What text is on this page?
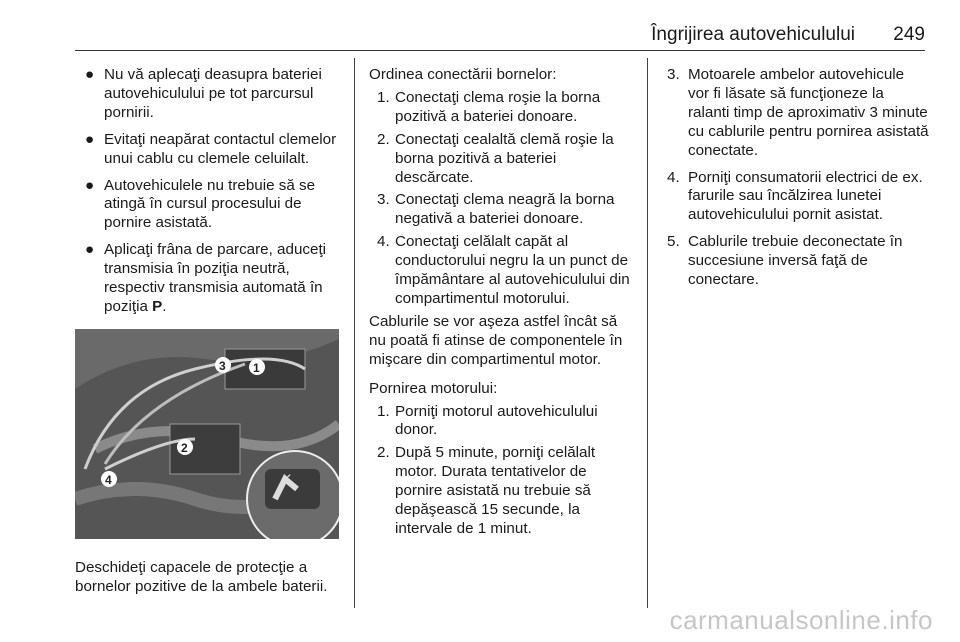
Îngrijirea autovehiculului 249
● Nu vă aplecaţi deasupra bateriei autovehiculului pe tot parcursul pornirii.
● Evitaţi neapărat contactul clemelor unui cablu cu clemele celuilalt.
● Autovehiculele nu trebuie să se atingă în cursul procesului de pornire asistată.
● Aplicaţi frâna de parcare, aduceţi transmisia în poziţia neutră, respectiv transmisia automată în poziţia P.
✕
1
2
3
4
Deschideţi capacele de protecţie a bornelor pozitive de la ambele baterii.
Ordinea conectării bornelor:
1. Conectaţi clema roşie la borna pozitivă a bateriei donoare.
2. Conectaţi cealaltă clemă roşie la borna pozitivă a bateriei descărcate.
3. Conectaţi clema neagră la borna negativă a bateriei donoare.
4. Conectaţi celălalt capăt al conductorului negru la un punct de împământare al autovehiculului din compartimentul motorului.
Cablurile se vor aşeza astfel încât să nu poată fi atinse de componentele în mişcare din compartimentul motor.
Pornirea motorului:
1. Porniţi motorul autovehiculului donor.
2. După 5 minute, porniţi celălalt motor. Durata tentativelor de pornire asistată nu trebuie să depăşească 15 secunde, la intervale de 1 minut.
3. Motoarele ambelor autovehicule vor fi lăsate să funcţioneze la ralanti timp de aproximativ 3 minute cu cablurile pentru pornirea asistată conectate.
4. Porniţi consumatorii electrici de ex. farurile sau încălzirea lunetei autovehiculului pornit asistat.
5. Cablurile trebuie deconectate în succesiune inversă faţă de conectare.
carmanualsonline.info
